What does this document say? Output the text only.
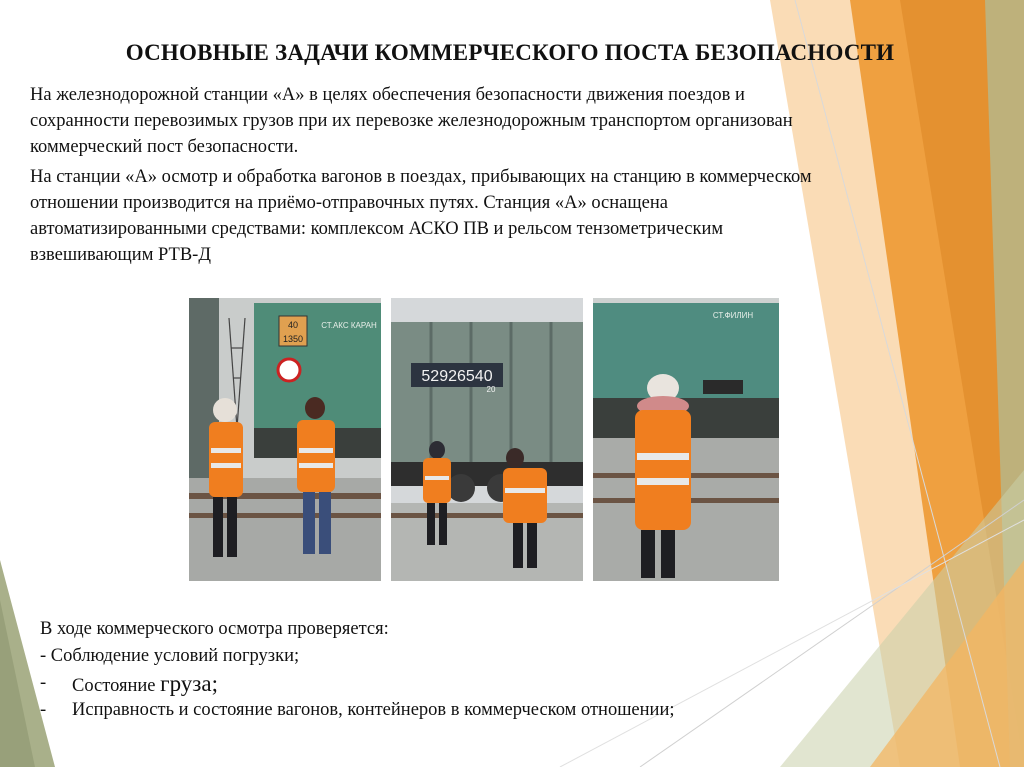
ОСНОВНЫЕ ЗАДАЧИ КОММЕРЧЕСКОГО ПОСТА БЕЗОПАСНОСТИ

На железнодорожной станции «А» в целях обеспечения безопасности движения поездов и сохранности перевозимых грузов при их перевозке железнодорожным транспортом организован коммерческий пост безопасности.

На станции «А» осмотр и обработка вагонов в поездах, прибывающих на станцию в коммерческом отношении производится на приёмо-отправочных путях. Станция «А» оснащена автоматизированными средствами: комплексом АСКО ПВ и рельсом тензометрическим взвешивающим РТВ-Д

40
1350
СТ.АКС КАРАН
52926540
20
СТ.ФИЛИН
В ходе коммерческого осмотра проверяется:
- Соблюдение условий погрузки;
- Состояние груза;
- Исправность и состояние вагонов, контейнеров в коммерческом отношении;
